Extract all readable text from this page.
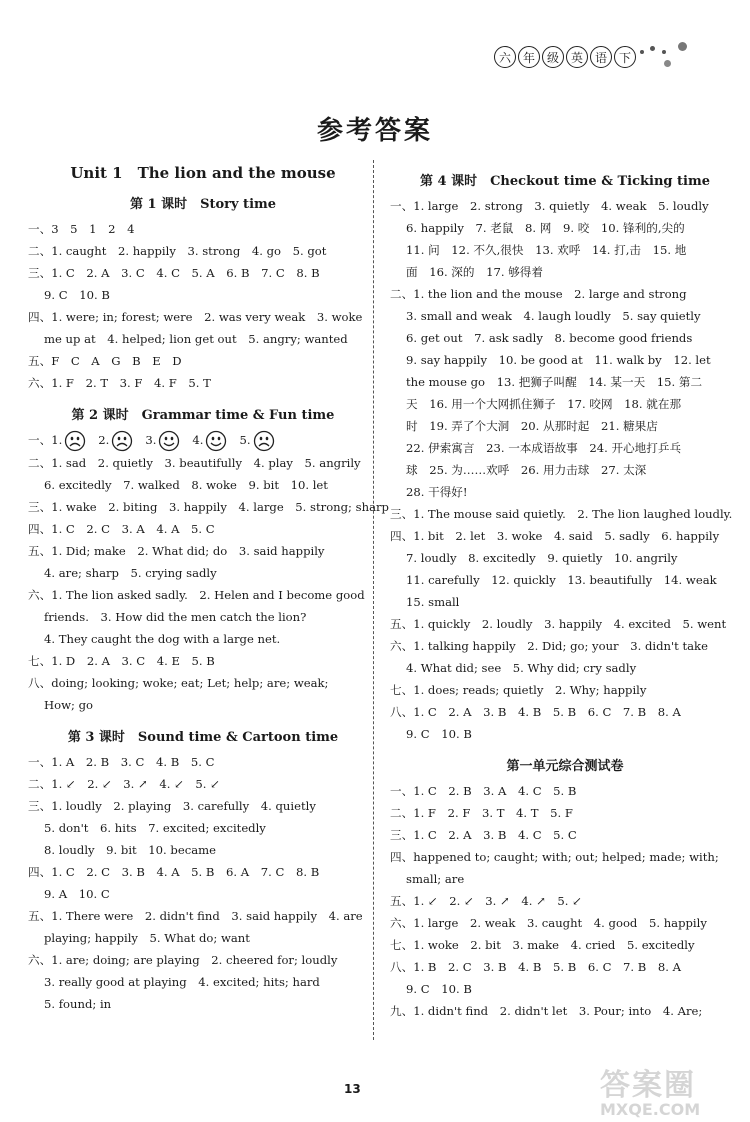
六 年 级 英 语 下
参考答案
Unit 1　The lion and the mouse
第 1 课时　Story time
一、3　5　1　2　4
二、1. caught　2. happily　3. strong　4. go　5. got
三、1. C　2. A　3. C　4. C　5. A　6. B　7. C　8. B
9. C　10. B
四、1. were; in; forest; were　2. was very weak　3. woke
me up at　4. helped; lion get out　5. angry; wanted
五、F　C　A　G　B　E　D
六、1. F　2. T　3. F　4. F　5. T
第 2 课时　Grammar time & Fun time
一、1.	2.	3.	4.	5.
二、1. sad　2. quietly　3. beautifully　4. play　5. angrily
6. excitedly　7. walked　8. woke　9. bit　10. let
三、1. wake　2. biting　3. happily　4. large　5. strong; sharp
四、1. C　2. C　3. A　4. A　5. C
五、1. Did; make　2. What did; do　3. said happily
4. are; sharp　5. crying sadly
六、1. The lion asked sadly.　2. Helen and I become good
friends.　3. How did the men catch the lion?
4. They caught the dog with a large net.
七、1. D　2. A　3. C　4. E　5. B
八、doing; looking; woke; eat; Let; help; are; weak;
How; go
第 3 课时　Sound time & Cartoon time
一、1. A　2. B　3. C　4. B　5. C
二、1. ↙　2. ↙　3. ↗　4. ↙　5. ↙
三、1. loudly　2. playing　3. carefully　4. quietly
5. don't　6. hits　7. excited; excitedly
8. loudly　9. bit　10. became
四、1. C　2. C　3. B　4. A　5. B　6. A　7. C　8. B
9. A　10. C
五、1. There were　2. didn't find　3. said happily　4. are
playing; happily　5. What do; want
六、1. are; doing; are playing　2. cheered for; loudly
3. really good at playing　4. excited; hits; hard
5. found; in
第 4 课时　Checkout time & Ticking time
一、1. large　2. strong　3. quietly　4. weak　5. loudly
6. happily　7. 老鼠　8. 网　9. 咬　10. 锋利的,尖的
11. 问　12. 不久,很快　13. 欢呼　14. 打,击　15. 地
面　16. 深的　17. 够得着
二、1. the lion and the mouse　2. large and strong
3. small and weak　4. laugh loudly　5. say quietly
6. get out　7. ask sadly　8. become good friends
9. say happily　10. be good at　11. walk by　12. let
the mouse go　13. 把狮子叫醒　14. 某一天　15. 第二
天　16. 用一个大网抓住狮子　17. 咬网　18. 就在那
时　19. 弄了个大洞　20. 从那时起　21. 糖果店
22. 伊索寓言　23. 一本成语故事　24. 开心地打乒乓
球　25. 为……欢呼　26. 用力击球　27. 太深
28. 干得好!
三、1. The mouse said quietly.　2. The lion laughed loudly.
四、1. bit　2. let　3. woke　4. said　5. sadly　6. happily
7. loudly　8. excitedly　9. quietly　10. angrily
11. carefully　12. quickly　13. beautifully　14. weak
15. small
五、1. quickly　2. loudly　3. happily　4. excited　5. went
六、1. talking happily　2. Did; go; your　3. didn't take
4. What did; see　5. Why did; cry sadly
七、1. does; reads; quietly　2. Why; happily
八、1. C　2. A　3. B　4. B　5. B　6. C　7. B　8. A
9. C　10. B
第一单元综合测试卷
一、1. C　2. B　3. A　4. C　5. B
二、1. F　2. F　3. T　4. T　5. F
三、1. C　2. A　3. B　4. C　5. C
四、happened to; caught; with; out; helped; made; with;
small; are
五、1. ↙　2. ↙　3. ↗　4. ↗　5. ↙
六、1. large　2. weak　3. caught　4. good　5. happily
七、1. woke　2. bit　3. make　4. cried　5. excitedly
八、1. B　2. C　3. B　4. B　5. B　6. C　7. B　8. A
9. C　10. B
九、1. didn't find　2. didn't let　3. Pour; into　4. Are;
13	答案圈
MXQE.COM
